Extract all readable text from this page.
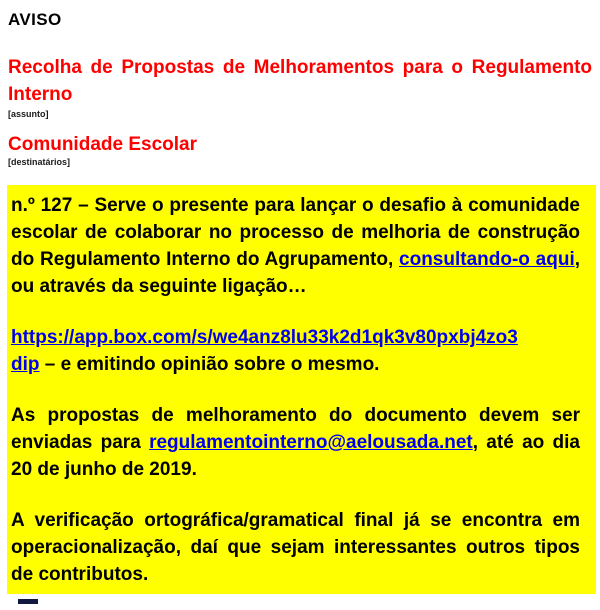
AVISO
Recolha de Propostas de Melhoramentos para o Regulamento Interno
[assunto]
Comunidade Escolar
[destinatários]

n.º 127 – Serve o presente para lançar o desafio à comunidade escolar de colaborar no processo de melhoria de construção do Regulamento Interno do Agrupamento, consultando-o aqui, ou através da seguinte ligação…

https://app.box.com/s/we4anz8lu33k2d1qk3v80pxbj4zo3
dip – e emitindo opinião sobre o mesmo.

As propostas de melhoramento do documento devem ser enviadas para regulamentointerno@aelousada.net, até ao dia 20 de junho de 2019.

A verificação ortográfica/gramatical final já se encontra em operacionalização, daí que sejam interessantes outros tipos de contributos.
